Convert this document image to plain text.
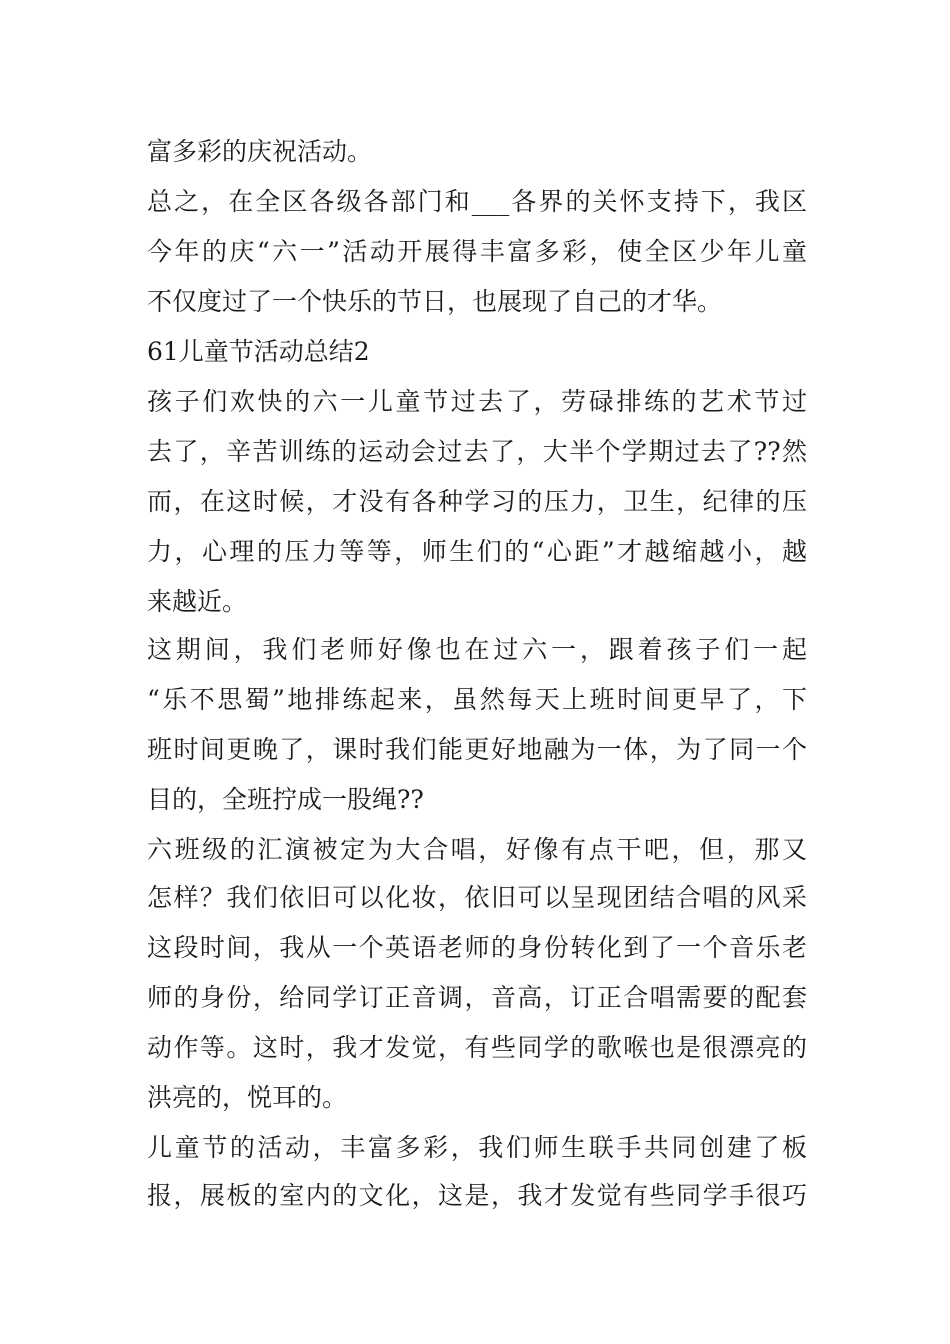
富多彩的庆祝活动。
总之，在全区各级各部门和___各界的关怀支持下，我区
今年的庆“六一”活动开展得丰富多彩，使全区少年儿童
不仅度过了一个快乐的节日，也展现了自己的才华。
61儿童节活动总结2
孩子们欢快的六一儿童节过去了，劳碌排练的艺术节过
去了，辛苦训练的运动会过去了，大半个学期过去了??然
而，在这时候，才没有各种学习的压力，卫生，纪律的压
力，心理的压力等等，师生们的“心距”才越缩越小，越
来越近。
这期间，我们老师好像也在过六一，跟着孩子们一起
“乐不思蜀”地排练起来，虽然每天上班时间更早了，下
班时间更晚了，课时我们能更好地融为一体，为了同一个
目的，全班拧成一股绳??
六班级的汇演被定为大合唱，好像有点干吧，但，那又
怎样？我们依旧可以化妆，依旧可以呈现团结合唱的风采
这段时间，我从一个英语老师的身份转化到了一个音乐老
师的身份，给同学订正音调，音高，订正合唱需要的配套
动作等。这时，我才发觉，有些同学的歌喉也是很漂亮的
洪亮的，悦耳的。
儿童节的活动，丰富多彩，我们师生联手共同创建了板
报，展板的室内的文化，这是，我才发觉有些同学手很巧
